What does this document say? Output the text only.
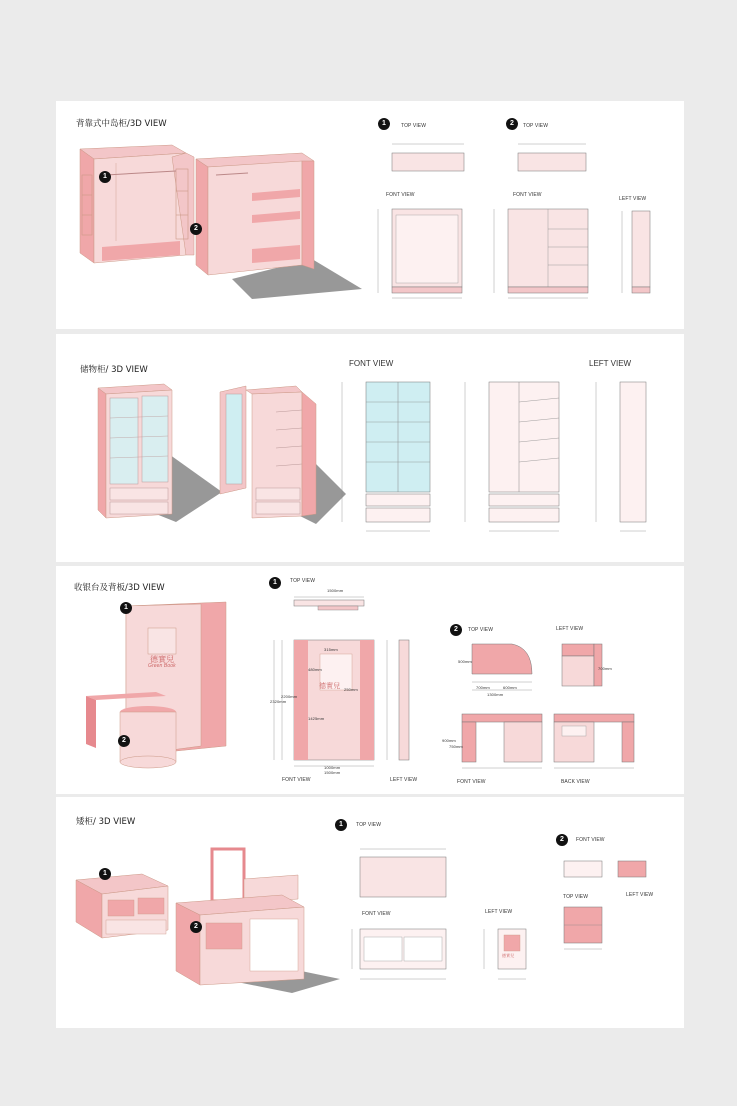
背靠式中岛柜/3D VIEW
1
2
1	TOP VIEW	2	TOP VIEW
FONT VIEW	FONT VIEW
LEFT VIEW
储物柜/ 3D VIEW
FONT VIEW	LEFT VIEW
收银台及背板/3D VIEW
德實兒
Green Book
1
2
1	TOP VIEW
1500mm
1000mm
1500mm
2320mm
2200mm
1425mm
480mm
250mm
315mm
德實兒
FONT VIEW	LEFT VIEW
2	TOP VIEW	LEFT VIEW
1300mm
700mm	600mm
500mm
700mm
900mm
750mm
FONT VIEW	BACK VIEW
矮柜/ 3D VIEW
1
2
1	TOP VIEW
FONT VIEW	LEFT VIEW
德實兒
2	FONT VIEW
LEFT VIEW
TOP VIEW
